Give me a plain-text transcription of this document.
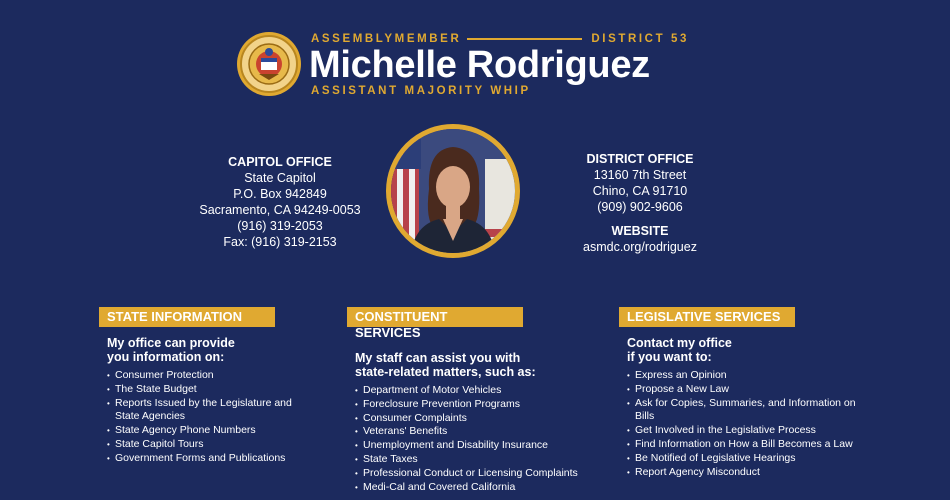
ASSEMBLYMEMBER	DISTRICT 53
Michelle Rodriguez
ASSISTANT MAJORITY WHIP
CAPITOL OFFICE
State Capitol
P.O. Box 942849
Sacramento, CA 94249-0053
(916) 319-2053
Fax: (916) 319-2153
DISTRICT OFFICE
13160 7th Street
Chino, CA 91710
(909) 902-9606
WEBSITE
asmdc.org/rodriguez
STATE INFORMATION
My office can provide
you information on:
• Consumer Protection
• The State Budget
• Reports Issued by the Legislature and State Agencies
• State Agency Phone Numbers
• State Capitol Tours
• Government Forms and Publications
CONSTITUENT SERVICES
My staff can assist you with
state-related matters, such as:
• Department of Motor Vehicles
• Foreclosure Prevention Programs
• Consumer Complaints
• Veterans' Benefits
• Unemployment and Disability Insurance
• State Taxes
• Professional Conduct or Licensing Complaints
• Medi-Cal and Covered California
LEGISLATIVE SERVICES
Contact my office
if you want to:
• Express an Opinion
• Propose a New Law
• Ask for Copies, Summaries, and Information on Bills
• Get Involved in the Legislative Process
• Find Information on How a Bill Becomes a Law
• Be Notified of Legislative Hearings
• Report Agency Misconduct
